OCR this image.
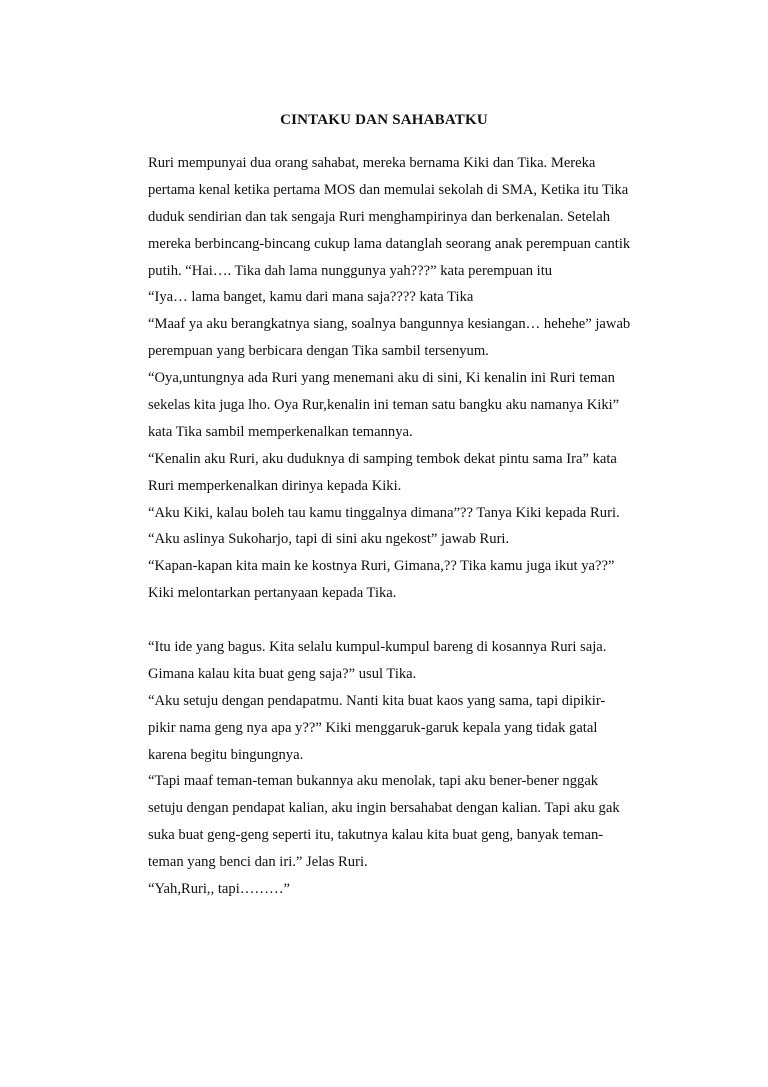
CINTAKU DAN SAHABATKU
Ruri mempunyai dua orang sahabat, mereka bernama Kiki dan Tika. Mereka
pertama kenal ketika pertama MOS dan memulai sekolah di SMA, Ketika itu Tika
duduk sendirian dan tak sengaja Ruri menghampirinya dan berkenalan. Setelah
mereka berbincang-bincang cukup lama datanglah seorang anak perempuan cantik
putih. “Hai…. Tika dah lama nunggunya yah???” kata perempuan itu
“Iya… lama banget, kamu dari mana saja???? kata Tika
“Maaf ya aku berangkatnya siang, soalnya bangunnya kesiangan… hehehe” jawab
perempuan yang berbicara dengan Tika sambil tersenyum.
“Oya,untungnya ada Ruri yang menemani aku di sini, Ki kenalin ini Ruri teman
sekelas kita juga lho. Oya Rur,kenalin ini teman satu bangku aku namanya Kiki”
kata Tika sambil memperkenalkan temannya.
“Kenalin aku Ruri, aku duduknya di samping tembok dekat pintu sama Ira” kata
Ruri memperkenalkan dirinya kepada Kiki.
“Aku Kiki, kalau boleh tau kamu tinggalnya dimana”?? Tanya Kiki kepada Ruri.
“Aku aslinya Sukoharjo, tapi di sini aku ngekost” jawab Ruri.
“Kapan-kapan kita main ke kostnya Ruri, Gimana,?? Tika kamu juga ikut ya??”
Kiki melontarkan pertanyaan kepada Tika.
“Itu ide yang bagus. Kita selalu kumpul-kumpul bareng di kosannya Ruri saja.
Gimana kalau kita buat geng saja?” usul Tika.
“Aku setuju dengan pendapatmu. Nanti kita buat kaos yang sama, tapi dipikir-
pikir nama geng nya apa y??” Kiki menggaruk-garuk kepala yang tidak gatal
karena begitu bingungnya.
“Tapi maaf teman-teman bukannya aku menolak, tapi aku bener-bener nggak
setuju dengan pendapat kalian, aku ingin bersahabat dengan kalian. Tapi aku gak
suka buat geng-geng seperti itu, takutnya kalau kita buat geng, banyak teman-
teman yang benci dan iri.” Jelas Ruri.
“Yah,Ruri,, tapi………”
